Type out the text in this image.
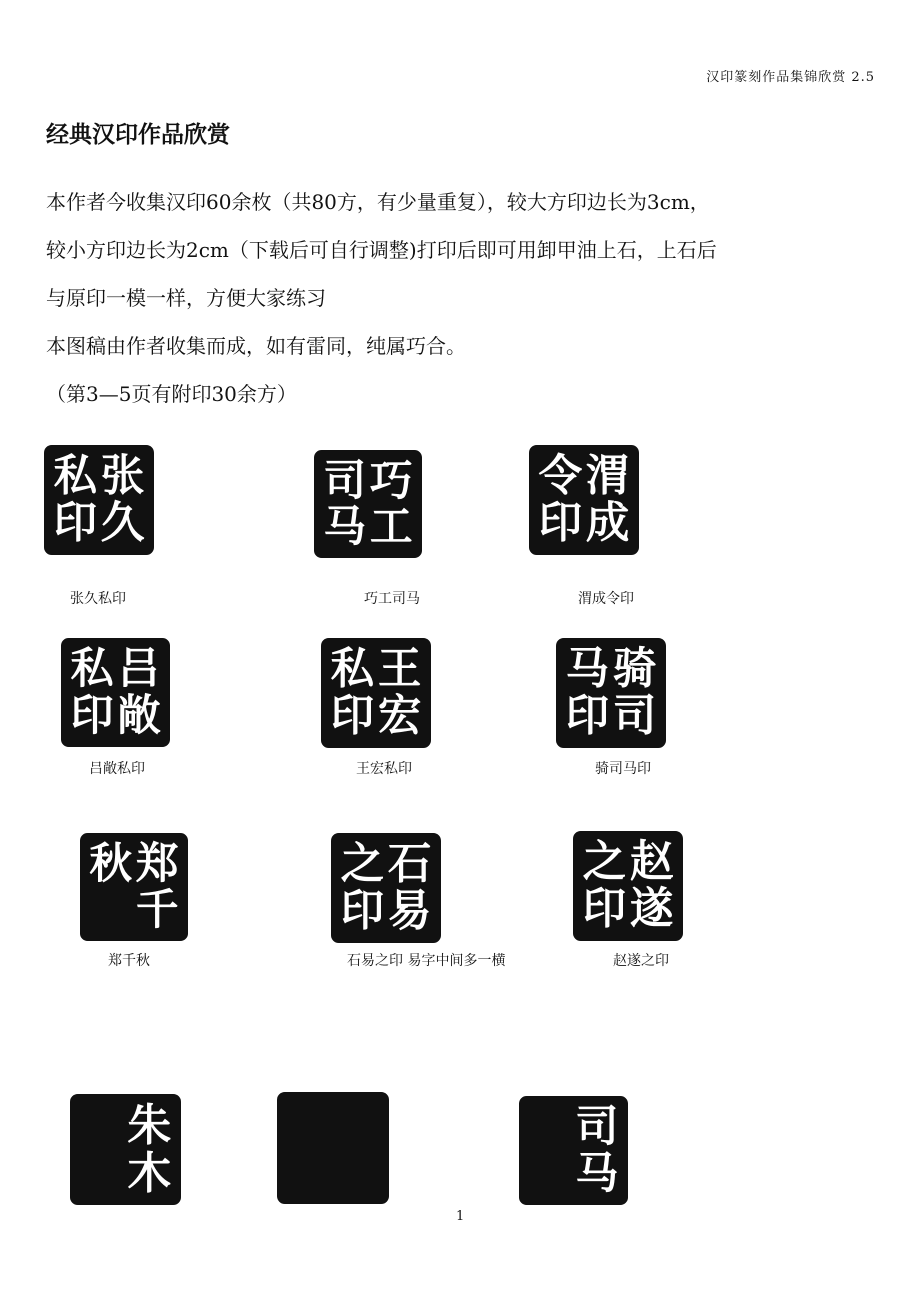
汉印篆刻作品集锦欣赏 2.5
经典汉印作品欣赏

本作者今收集汉印60余枚（共80方，有少量重复），较大方印边长为3cm，

较小方印边长为2cm（下载后可自行调整)打印后即可用卸甲油上石，上石后

与原印一模一样，方便大家练习

本图稿由作者收集而成，如有雷同，纯属巧合。

（第3—5页有附印30余方）

张
久
私
印
张久私印
巧
工
司
马
巧工司马
渭
成
令
印
渭成令印
吕
敞
私
印
吕敞私印
王
宏
私
印
王宏私印
骑
司
马
印
骑司马印
郑
千
秋
郑千秋
石
易
之
印
石易之印 易字中间多一横
赵
遂
之
印
赵遂之印
朱
木
司
马
1
